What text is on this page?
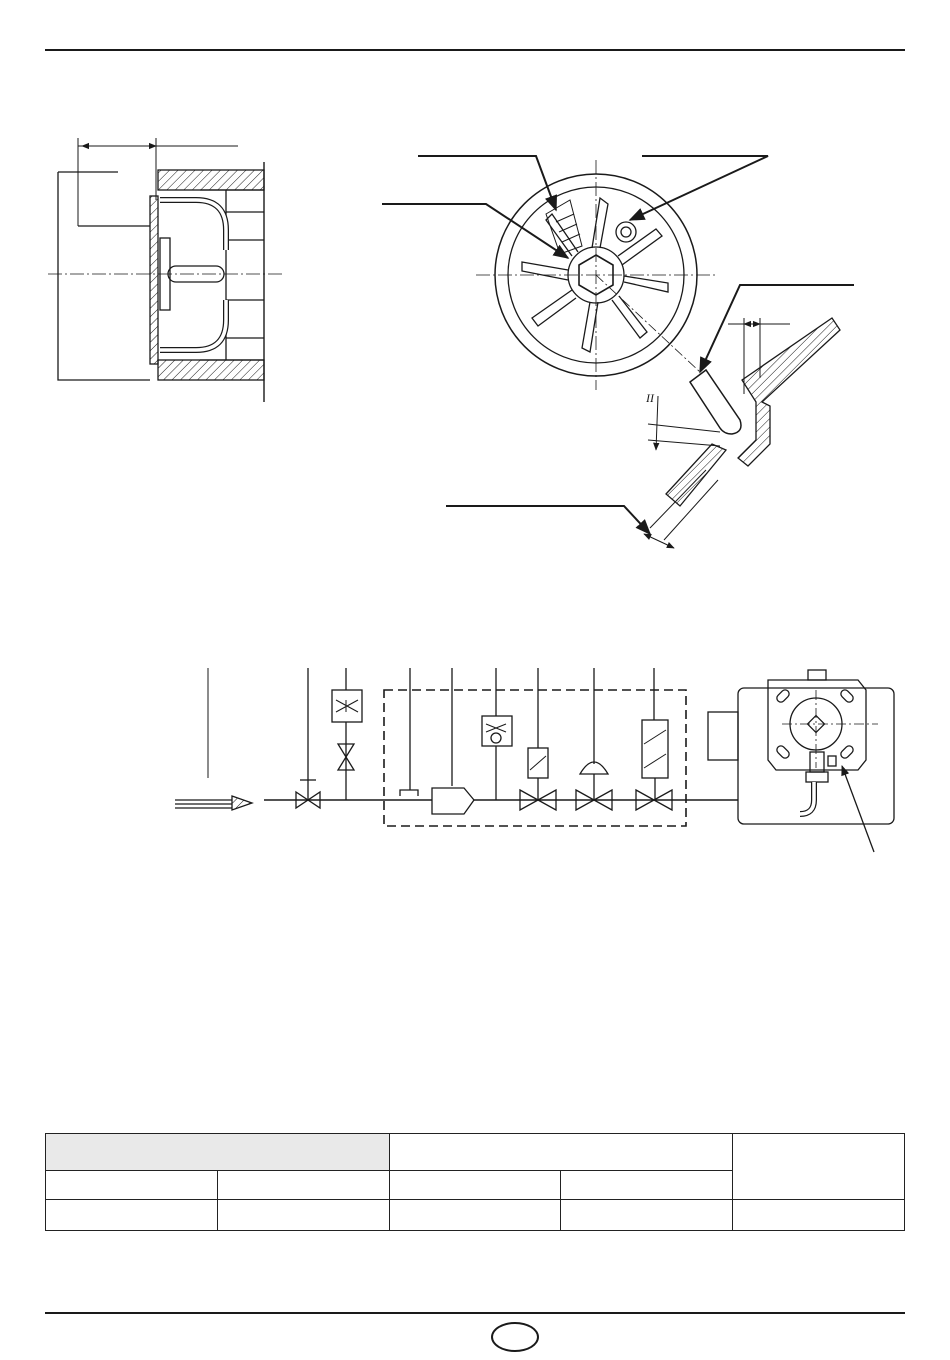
II
